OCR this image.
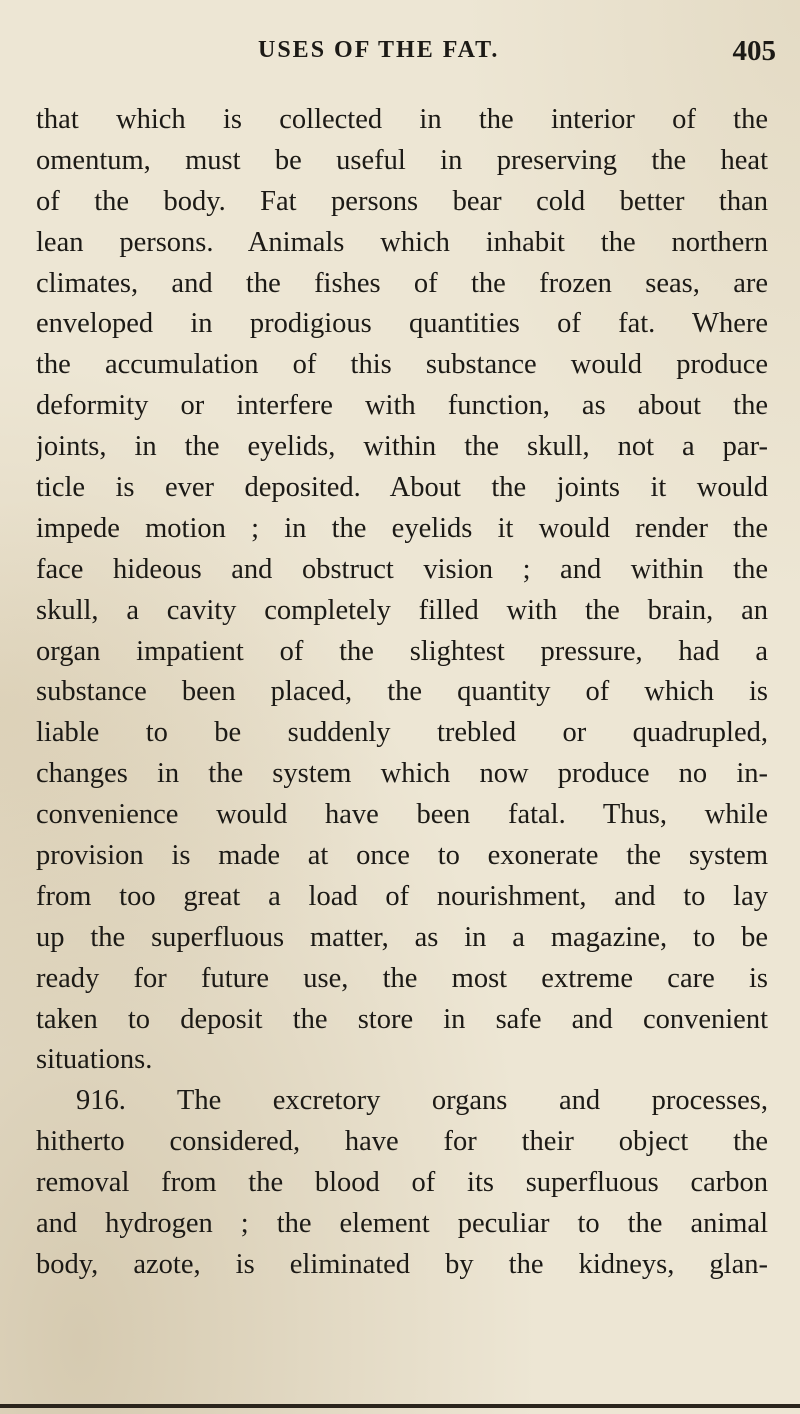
USES OF THE FAT.	405
that which is collected in the interior of the
omentum, must be useful in preserving the heat
of the body. Fat persons bear cold better than
lean persons. Animals which inhabit the northern
climates, and the fishes of the frozen seas, are
enveloped in prodigious quantities of fat. Where
the accumulation of this substance would produce
deformity or interfere with function, as about the
joints, in the eyelids, within the skull, not a par-
ticle is ever deposited. About the joints it would
impede motion ; in the eyelids it would render the
face hideous and obstruct vision ; and within the
skull, a cavity completely filled with the brain, an
organ impatient of the slightest pressure, had a
substance been placed, the quantity of which is
liable to be suddenly trebled or quadrupled,
changes in the system which now produce no in-
convenience would have been fatal. Thus, while
provision is made at once to exonerate the system
from too great a load of nourishment, and to lay
up the superfluous matter, as in a magazine, to be
ready for future use, the most extreme care is
taken to deposit the store in safe and convenient
situations.
916. The excretory organs and processes,
hitherto considered, have for their object the
removal from the blood of its superfluous carbon
and hydrogen ; the element peculiar to the animal
body, azote, is eliminated by the kidneys, glan-
